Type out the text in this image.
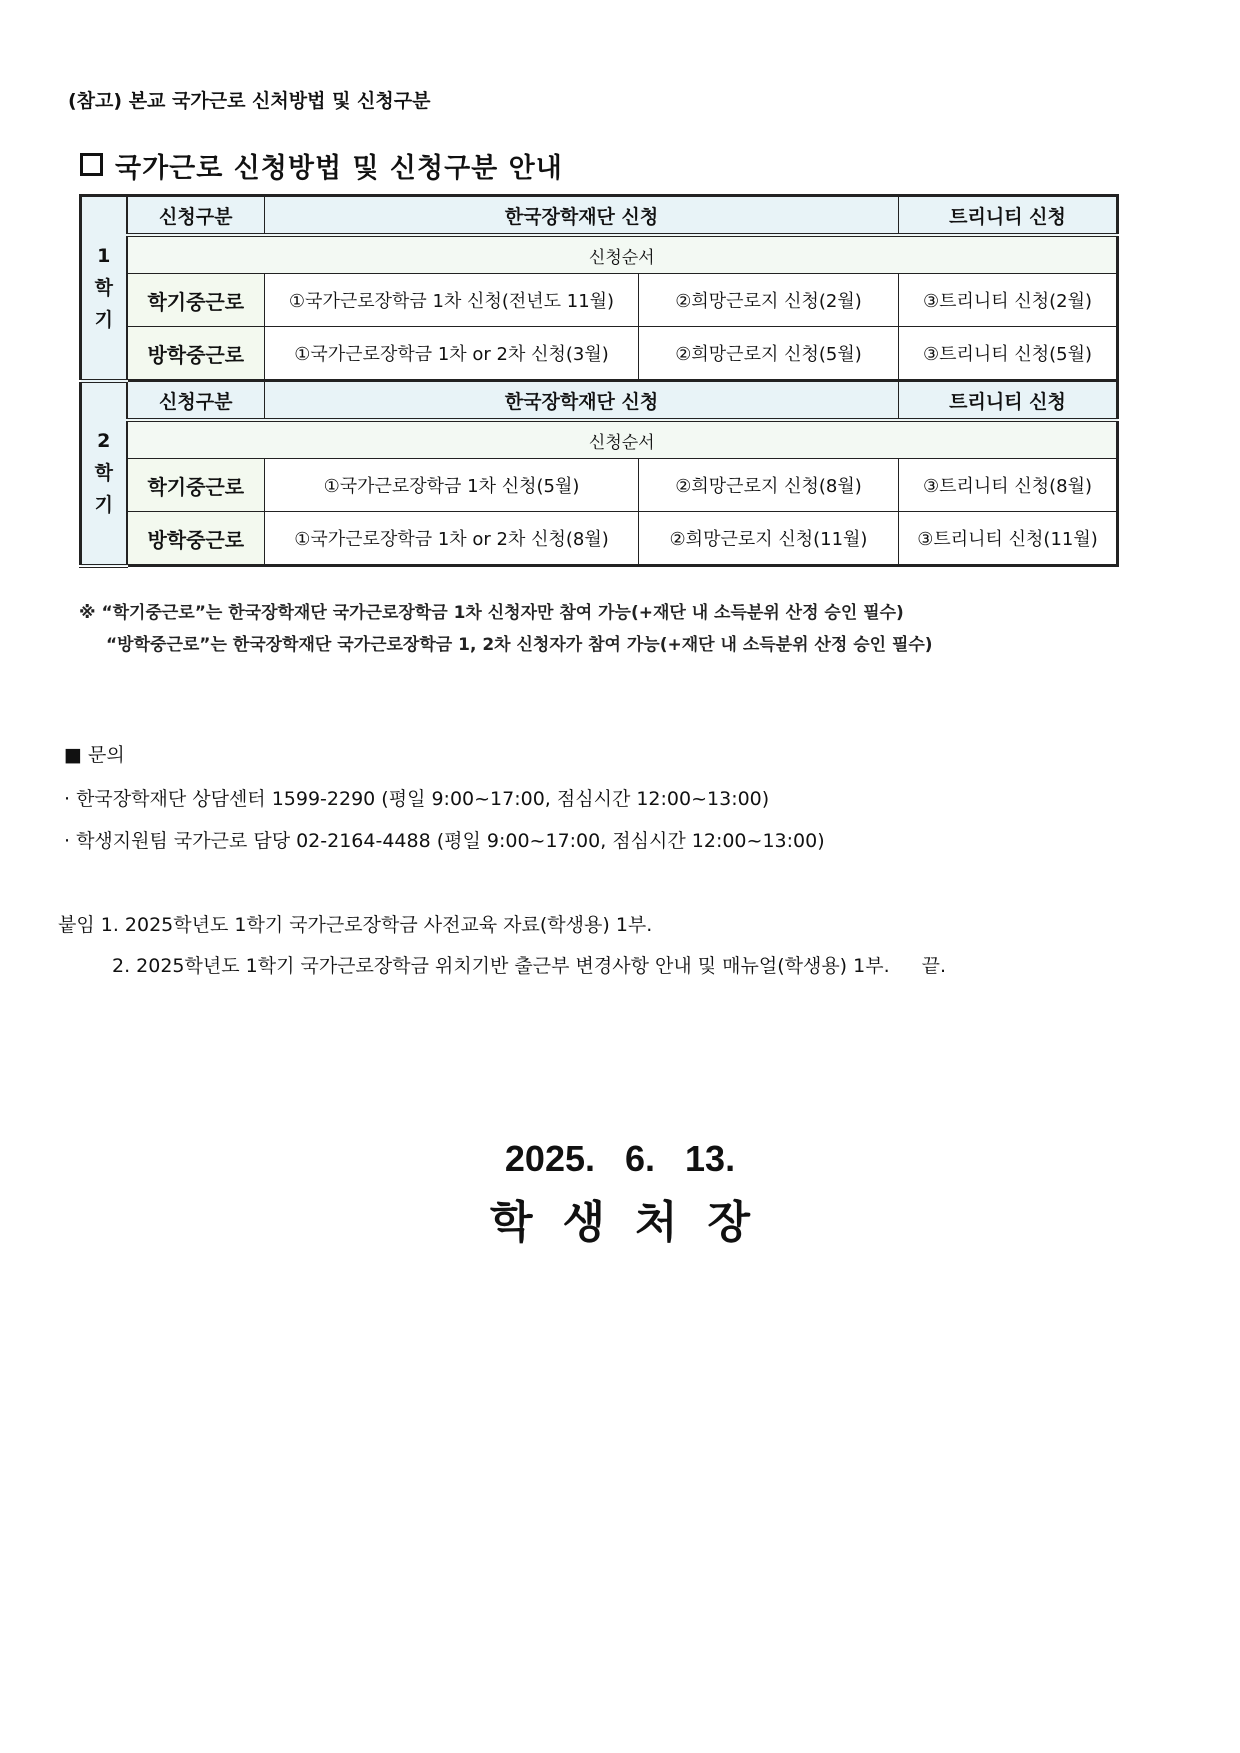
(참고) 본교 국가근로 신처방법 및 신청구분
국가근로 신청방법 및 신청구분 안내
1
학
기	신청구분	한국장학재단 신청		트리니티 신청
	신청순서			
	학기중근로	①국가근로장학금 1차 신청(전년도 11월)	②희망근로지 신청(2월)	③트리니티 신청(2월)
	방학중근로	①국가근로장학금 1차 or 2차 신청(3월)	②희망근로지 신청(5월)	③트리니티 신청(5월)
2
학
기	신청구분	한국장학재단 신청		트리니티 신청
	신청순서			
	학기중근로	①국가근로장학금 1차 신청(5월)	②희망근로지 신청(8월)	③트리니티 신청(8월)
	방학중근로	①국가근로장학금 1차 or 2차 신청(8월)	②희망근로지 신청(11월)	③트리니티 신청(11월)
※ “학기중근로”는 한국장학재단 국가근로장학금 1차 신청자만 참여 가능(+재단 내 소득분위 산정 승인 필수)
“방학중근로”는 한국장학재단 국가근로장학금 1, 2차 신청자가 참여 가능(+재단 내 소득분위 산정 승인 필수)
■ 문의
· 한국장학재단 상담센터 1599-2290 (평일 9:00~17:00, 점심시간 12:00~13:00)
· 학생지원팀 국가근로 담당 02-2164-4488 (평일 9:00~17:00, 점심시간 12:00~13:00)
붙임 1. 2025학년도 1학기 국가근로장학금 사전교육 자료(학생용) 1부.
2. 2025학년도 1학기 국가근로장학금 위치기반 출근부 변경사항 안내 및 매뉴얼(학생용) 1부. 끝.
2025. 6. 13.
학생처장
